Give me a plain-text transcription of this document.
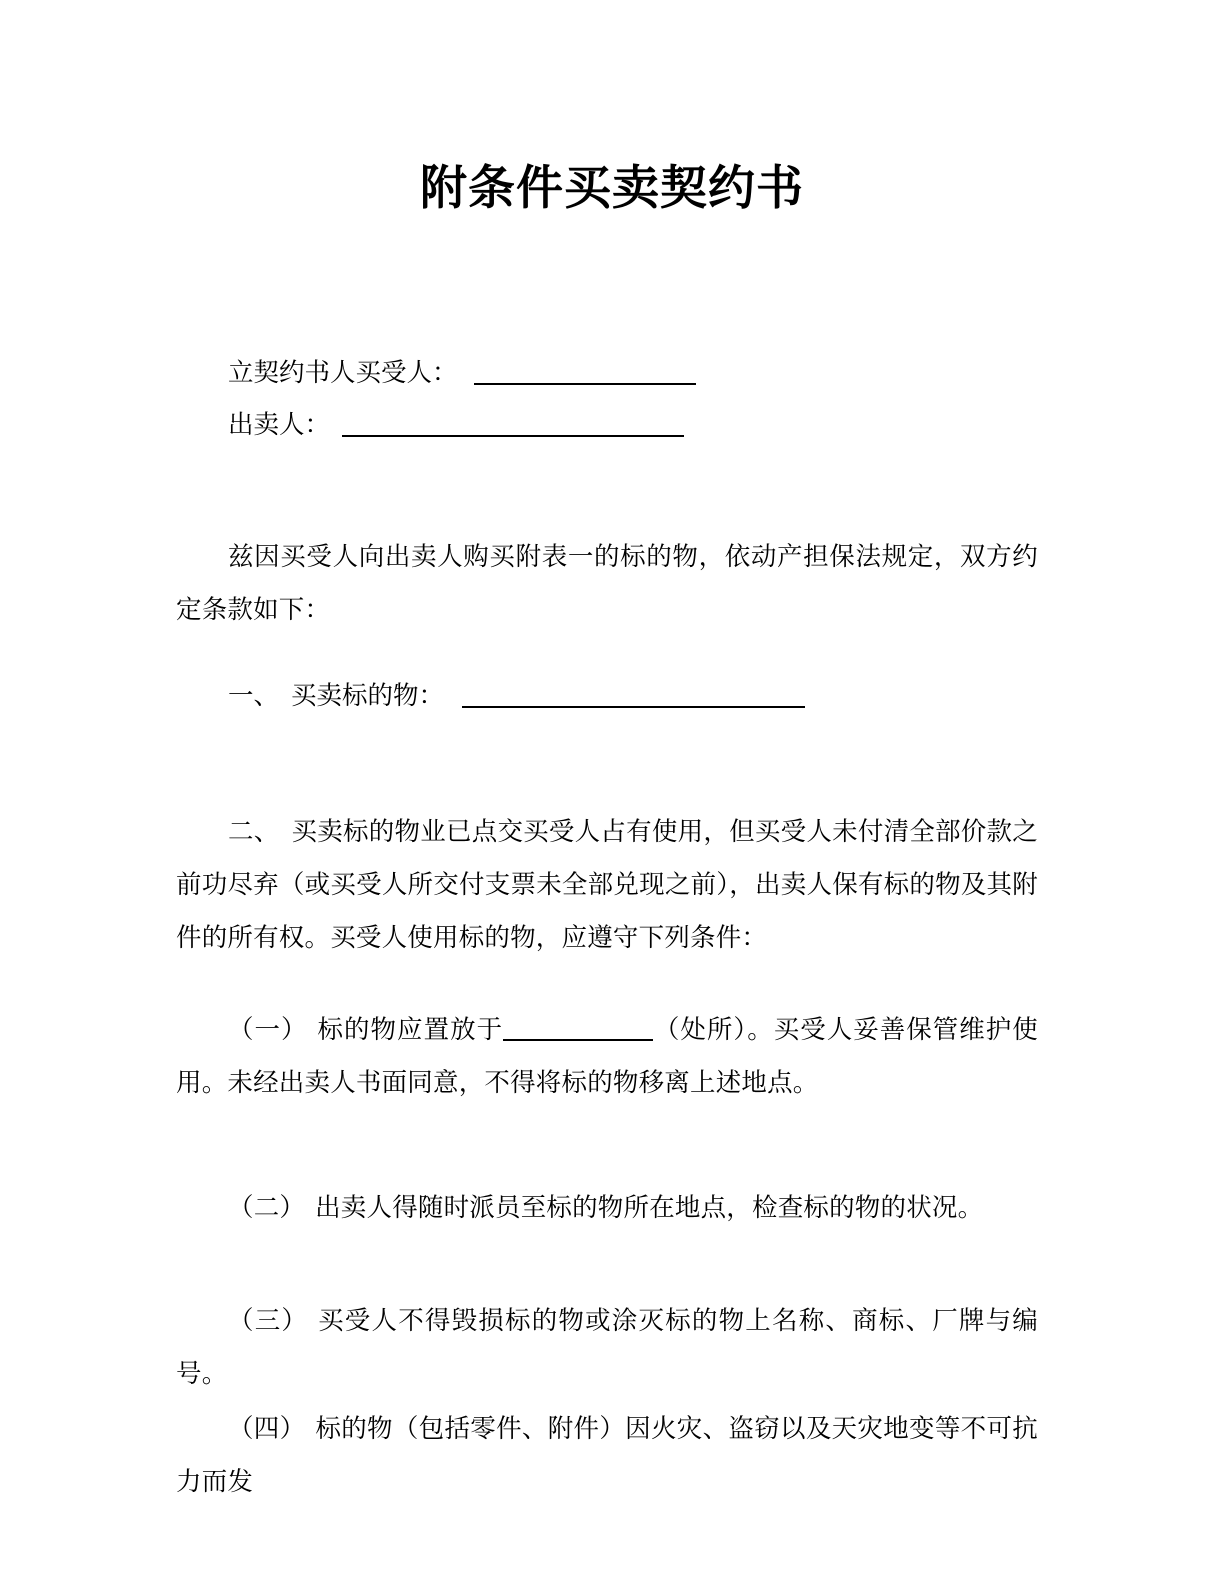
附条件买卖契约书
立契约书人买受人：
出卖人：

兹因买受人向出卖人购买附表一的标的物，依动产担保法规定，双方约定条款如下：

一、 买卖标的物：

二、 买卖标的物业已点交买受人占有使用，但买受人未付清全部价款之前功尽弃（或买受人所交付支票未全部兑现之前），出卖人保有标的物及其附件的所有权。买受人使用标的物，应遵守下列条件：

（一） 标的物应置放于	（处所）。买受人妥善保管维护使用。未经出卖人书面同意，不得将标的物移离上述地点。

（二） 出卖人得随时派员至标的物所在地点，检查标的物的状况。

（三） 买受人不得毁损标的物或涂灭标的物上名称、商标、厂牌与编号。

（四） 标的物（包括零件、附件）因火灾、盗窃以及天灾地变等不可抗力而发
